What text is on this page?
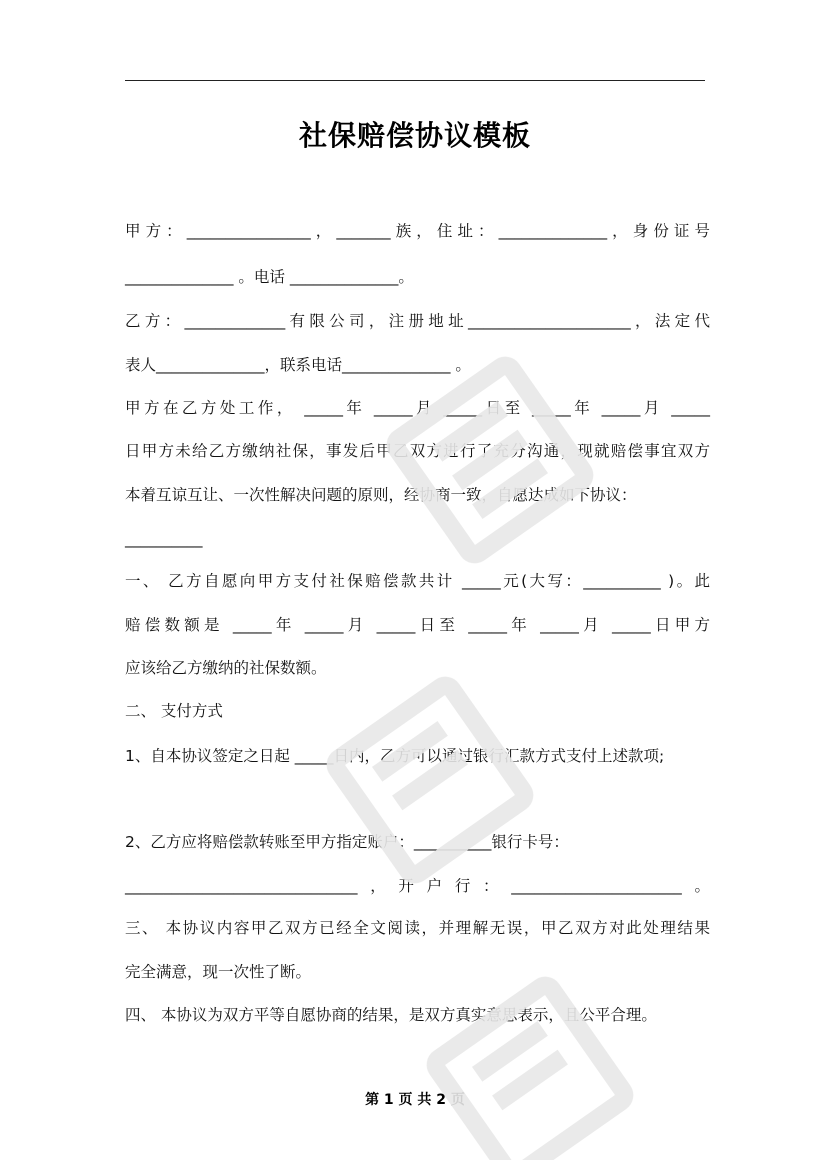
社保赔偿协议模板
甲方：________________，_______族，住址：______________，身份证号
______________ 。电话 ______________。
乙方：_____________有限公司，注册地址_____________________，法定代
表人______________，联系电话______________ 。
甲方在乙方处工作， _____年 _____月 _____日至 _____年 _____月 _____
日甲方未给乙方缴纳社保，事发后甲乙双方进行了充分沟通，现就赔偿事宜双方
本着互谅互让、一次性解决问题的原则，经协商一致，自愿达成如下协议：
__________
一、 乙方自愿向甲方支付社保赔偿款共计 _____元(大写：__________ )。此
赔偿数额是 _____年 _____月 _____日至 _____年 _____月 _____日甲方
应该给乙方缴纳的社保数额。
二、 支付方式
1、自本协议签定之日起 _____日内，乙方可以通过银行汇款方式支付上述款项;
2、乙方应将赔偿款转账至甲方指定账户：__________银行卡号：
______________________________，开户行：______________________。
三、 本协议内容甲乙双方已经全文阅读，并理解无误，甲乙双方对此处理结果
完全满意，现一次性了断。
四、 本协议为双方平等自愿协商的结果，是双方真实意思表示，且公平合理。
第 1 页 共 2 页
